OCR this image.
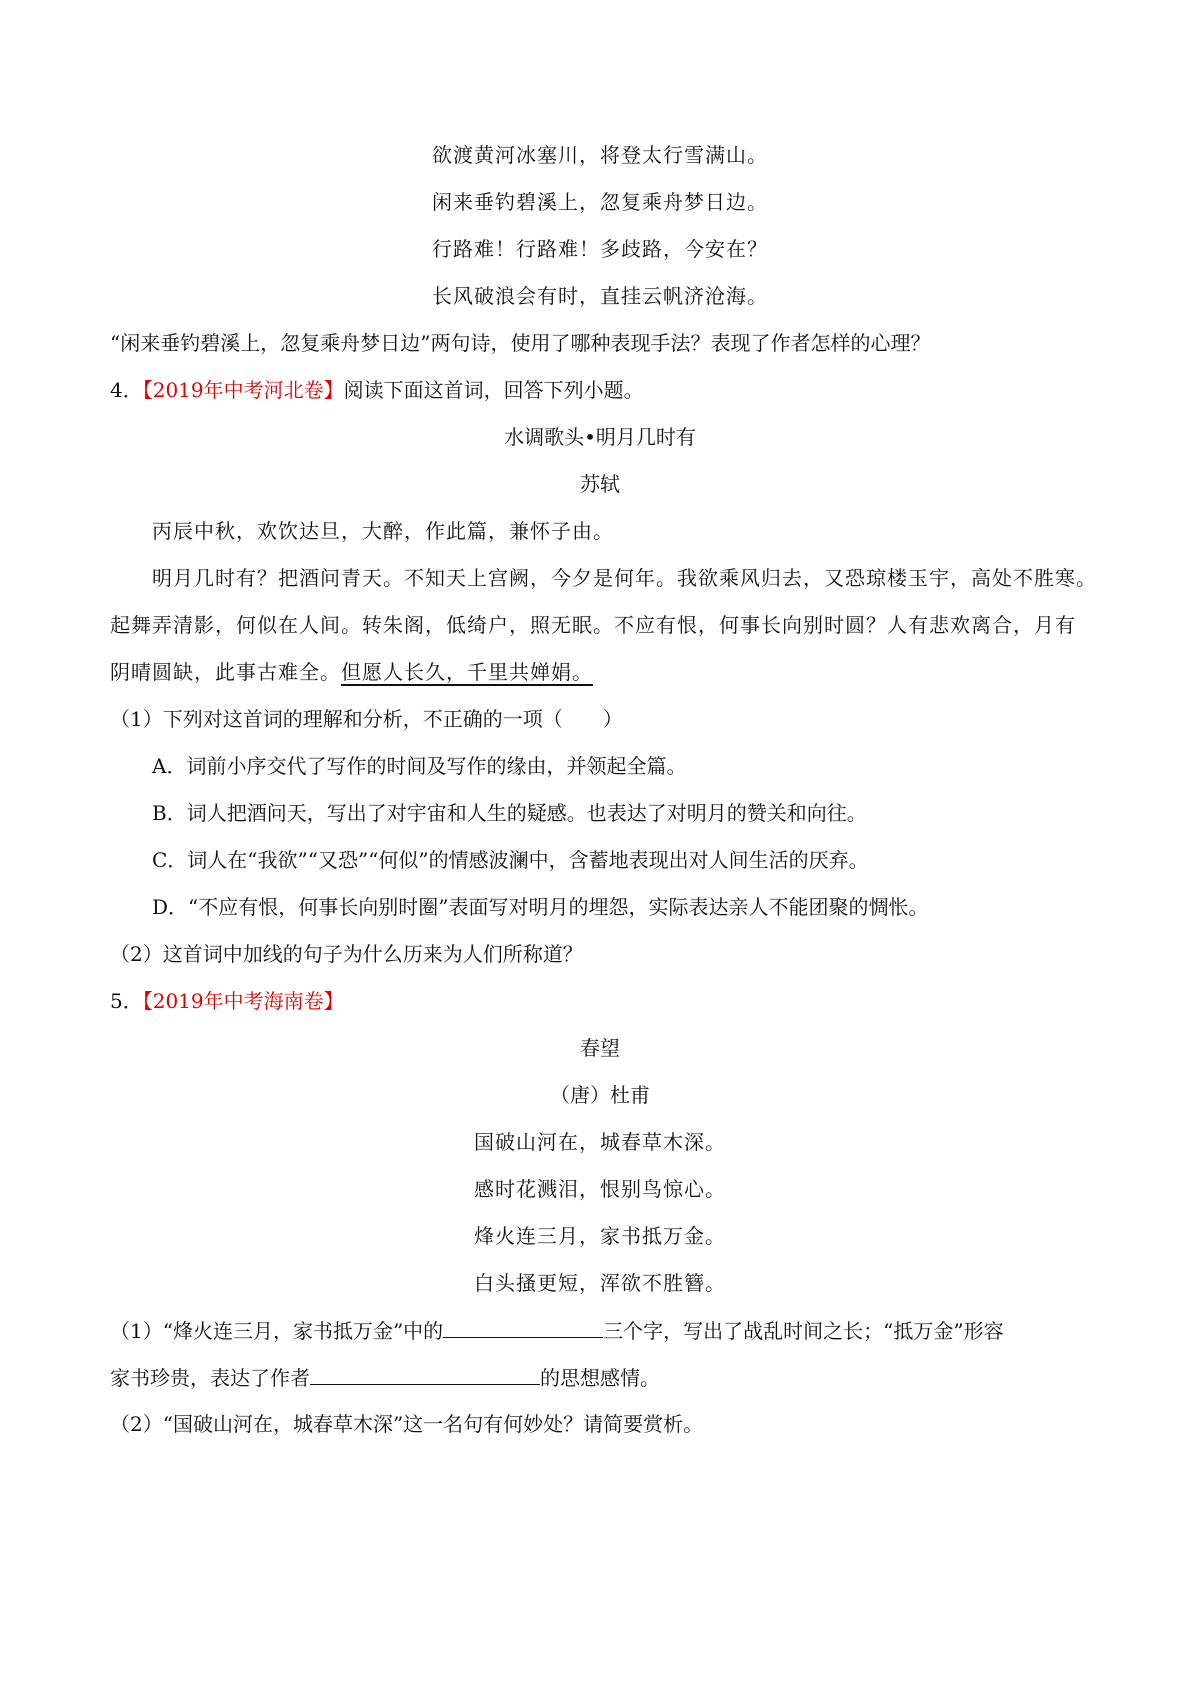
欲渡黄河冰塞川，将登太行雪满山。
闲来垂钓碧溪上，忽复乘舟梦日边。
行路难！行路难！多歧路，今安在？
长风破浪会有时，直挂云帆济沧海。
“闲来垂钓碧溪上，忽复乘舟梦日边”两句诗，使用了哪种表现手法？表现了作者怎样的心理？
4．【2019年中考河北卷】阅读下面这首词，回答下列小题。
水调歌头•明月几时有
苏轼
丙辰中秋，欢饮达旦，大醉，作此篇，兼怀子由。
明月几时有？把酒问青天。不知天上宫阙，今夕是何年。我欲乘风归去，又恐琼楼玉宇，高处不胜寒。
起舞弄清影，何似在人间。转朱阁，低绮户，照无眠。不应有恨，何事长向别时圆？人有悲欢离合，月有
阴晴圆缺，此事古难全。但愿人长久，千里共婵娟。
（1）下列对这首词的理解和分析，不正确的一项（　　）
A．词前小序交代了写作的时间及写作的缘由，并领起全篇。
B．词人把酒问天，写出了对宇宙和人生的疑感。也表达了对明月的赞关和向往。
C．词人在“我欲”“又恐”“何似”的情感波澜中，含蓄地表现出对人间生活的厌弃。
D．“不应有恨，何事长向别时圈”表面写对明月的埋怨，实际表达亲人不能团聚的惆怅。
（2）这首词中加线的句子为什么历来为人们所称道？
5．【2019年中考海南卷】
春望
（唐）杜甫
国破山河在，城春草木深。
感时花溅泪，恨别鸟惊心。
烽火连三月，家书抵万金。
白头搔更短，浑欲不胜簪。
（1）“烽火连三月，家书抵万金”中的	三个字，写出了战乱时间之长；“抵万金”形容
家书珍贵，表达了作者	的思想感情。
（2）“国破山河在，城春草木深”这一名句有何妙处？请简要赏析。
